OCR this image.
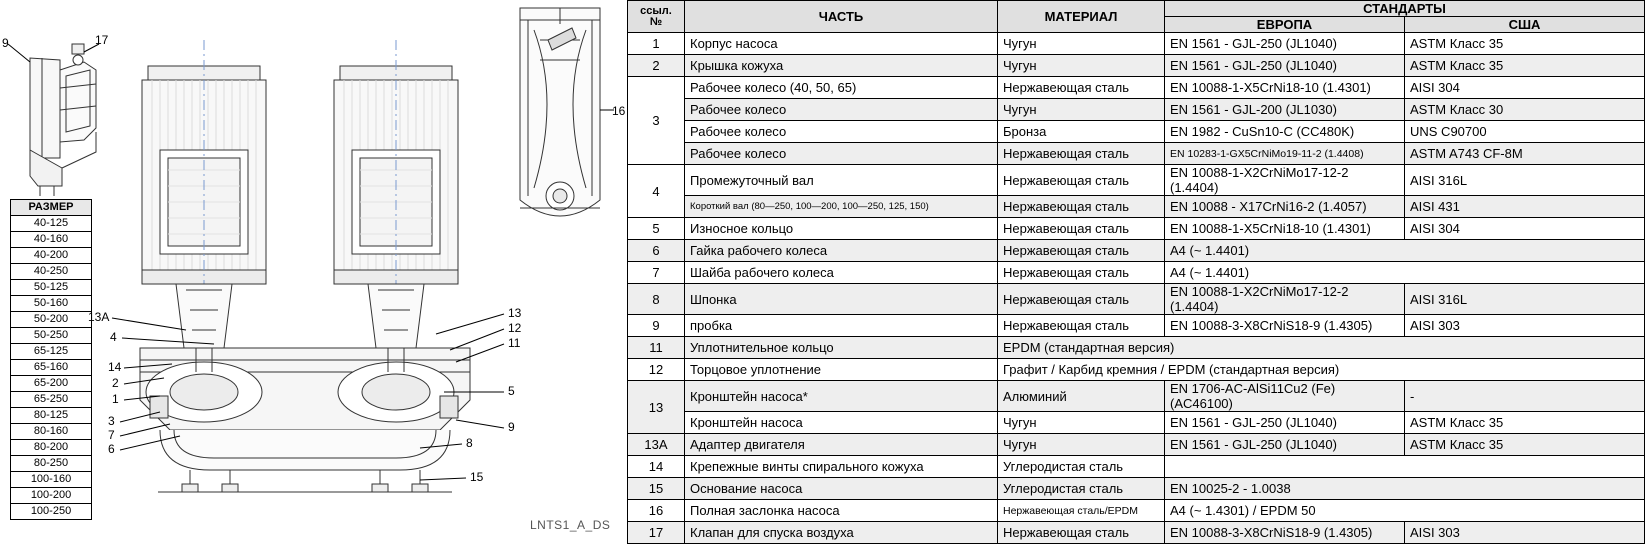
9	17
16
13A
4
14
2
1
3
7
6
13
12
11
5
9
8
15
LNTS1_A_DS
РАЗМЕР
40-125
40-160
40-200
40-250
50-125
50-160
50-200
50-250
65-125
65-160
65-200
65-250
80-125
80-160
80-200
80-250
100-160
100-200
100-250
ссыл.
№	ЧАСТЬ	МАТЕРИАЛ	СТАНДАРТЫ	
			ЕВРОПА	США
1	Корпус насоса	Чугун	EN 1561 - GJL-250 (JL1040)	ASTM Класс 35
2	Крышка кожуха	Чугун	EN 1561 - GJL-250 (JL1040)	ASTM Класс 35
3	Рабочее колесо (40, 50, 65)	Нержавеющая сталь	EN 10088-1-X5CrNi18-10 (1.4301)	AISI 304
	Рабочее колесо	Чугун	EN 1561 - GJL-200 (JL1030)	ASTM Класс 30
	Рабочее колесо	Бронза	EN 1982 - CuSn10-C (CC480K)	UNS C90700
	Рабочее колесо	Нержавеющая сталь	EN 10283-1-GX5CrNiMo19-11-2 (1.4408)	ASTM A743 CF-8M
4	Промежуточный вал	Нержавеющая сталь	EN 10088-1-X2CrNiMo17-12-2 (1.4404)	AISI 316L
	Короткий вал (80—250, 100—200, 100—250, 125, 150)	Нержавеющая сталь	EN 10088 - X17CrNi16-2 (1.4057)	AISI 431
5	Износное кольцо	Нержавеющая сталь	EN 10088-1-X5CrNi18-10 (1.4301)	AISI 304
6	Гайка рабочего колеса	Нержавеющая сталь	A4 (~ 1.4401)	
7	Шайба рабочего колеса	Нержавеющая сталь	A4 (~ 1.4401)	
8	Шпонка	Нержавеющая сталь	EN 10088-1-X2CrNiMo17-12-2 (1.4404)	AISI 316L
9	пробка	Нержавеющая сталь	EN 10088-3-X8CrNiS18-9 (1.4305)	AISI 303
11	Уплотнительное кольцо	EPDM (стандартная версия)		
12	Торцовое уплотнение	Графит / Карбид кремния / EPDM (стандартная версия)		
13	Кронштейн насоса*	Алюминий	EN 1706-AC-AlSi11Cu2 (Fe) (AC46100)	-
	Кронштейн насоса	Чугун	EN 1561 - GJL-250 (JL1040)	ASTM Класс 35
13A	Адаптер двигателя	Чугун	EN 1561 - GJL-250 (JL1040)	ASTM Класс 35
14	Крепежные винты спирального кожуха	Углеродистая сталь		
15	Основание насоса	Углеродистая сталь	EN 10025-2 - 1.0038	
16	Полная заслонка насоса	Нержавеющая сталь/EPDM	A4 (~ 1.4301) / EPDM 50	
17	Клапан для спуска воздуха	Нержавеющая сталь	EN 10088-3-X8CrNiS18-9 (1.4305)	AISI 303
